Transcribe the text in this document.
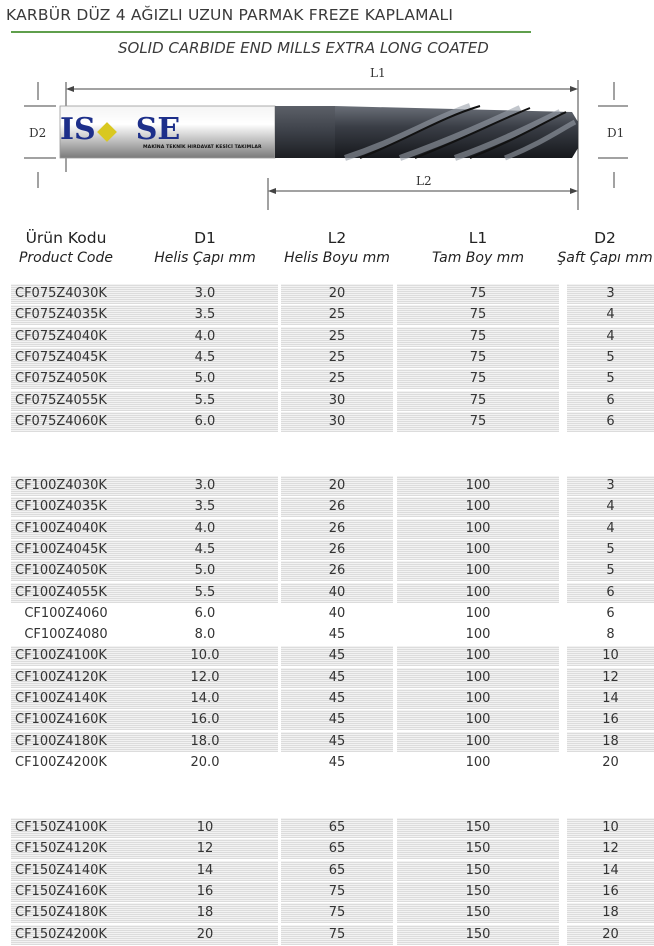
KARBÜR DÜZ 4 AĞIZLI UZUN PARMAK FREZE KAPLAMALI
SOLID CARBIDE END MILLS EXTRA LONG COATED
IS SE
MAKİNA TEKNİK HIRDAVAT KESİCİ TAKIMLAR
L1
L2
D2	D1
Ürün Kodu
Product Code
D1
Helis Çapı mm
L2
Helis Boyu mm
L1
Tam Boy mm
D2
Şaft Çapı mm
CF075Z4030K	3.0	20	75	3
CF075Z4035K	3.5	25	75	4
CF075Z4040K	4.0	25	75	4
CF075Z4045K	4.5	25	75	5
CF075Z4050K	5.0	25	75	5
CF075Z4055K	5.5	30	75	6
CF075Z4060K	6.0	30	75	6
CF100Z4030K	3.0	20	100	3
CF100Z4035K	3.5	26	100	4
CF100Z4040K	4.0	26	100	4
CF100Z4045K	4.5	26	100	5
CF100Z4050K	5.0	26	100	5
CF100Z4055K	5.5	40	100	6
CF100Z4060	6.0	40	100	6
CF100Z4080	8.0	45	100	8
CF100Z4100K	10.0	45	100	10
CF100Z4120K	12.0	45	100	12
CF100Z4140K	14.0	45	100	14
CF100Z4160K	16.0	45	100	16
CF100Z4180K	18.0	45	100	18
CF100Z4200K	20.0	45	100	20
CF150Z4100K	10	65	150	10
CF150Z4120K	12	65	150	12
CF150Z4140K	14	65	150	14
CF150Z4160K	16	75	150	16
CF150Z4180K	18	75	150	18
CF150Z4200K	20	75	150	20
